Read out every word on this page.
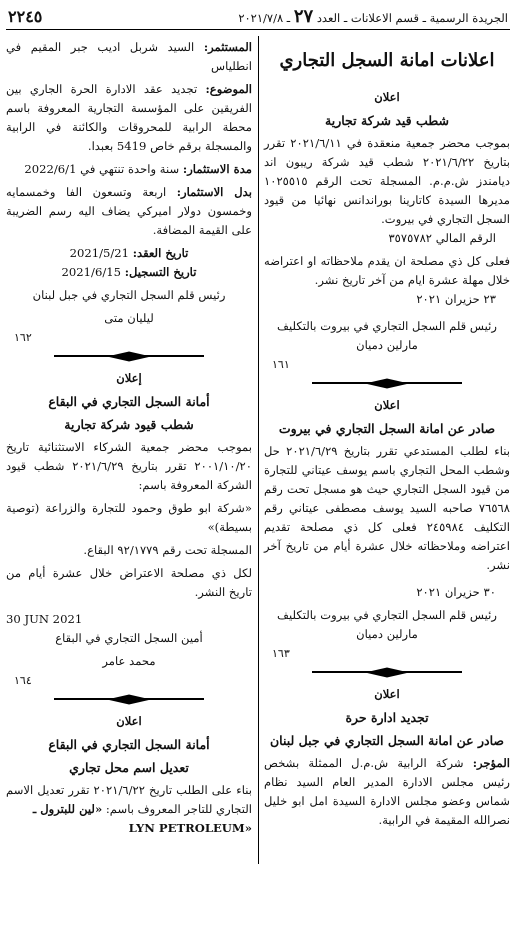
الجريدة الرسمية ـ قسم الاعلانات ـ العدد ٢٧ ـ ٢٠٢١/٧/٨
٢٢٤٥
اعلانات امانة السجل التجاري
اعلان
شطب قيد شركة تجارية
بموجب محضر جمعية منعقدة في ٢٠٢١/٦/١١ تقرر بتاريخ ٢٠٢١/٦/٢٢ شطب قيد شركة ريبون اند ديامندز ش.م.م. المسجلة تحت الرقم ١٠٢٥٥١٥ مديرها السيدة كاتارينا بوراندانس نهائيا من قيود السجل التجاري في بيروت.
الرقم المالي ٣٥٧٥٧٨٢
فعلى كل ذي مصلحة ان يقدم ملاحظاته او اعتراضه خلال مهلة عشرة ايام من آخر تاريخ نشر.
٢٣ حزيران ٢٠٢١
رئيس قلم السجل التجاري في بيروت بالتكليف
مارلين دميان
١٦١
اعلان
صادر عن امانة السجل التجاري في بيروت
بناء لطلب المستدعي تقرر بتاريخ ٢٠٢١/٦/٢٩ حل وشطب المحل التجاري باسم يوسف عيتاني للتجارة من قيود السجل التجاري حيث هو مسجل تحت رقم ٧٦٥٦٨ صاحبه السيد يوسف مصطفى عيتاني رقم التكليف ٢٤٥٩٨٤ فعلى كل ذي مصلحة تقديم اعتراضه وملاحظاته خلال عشرة أيام من تاريخ آخر نشر.
٣٠ حزيران ٢٠٢١
رئيس قلم السجل التجاري في بيروت بالتكليف
مارلين دميان
١٦٣
اعلان
تجديد ادارة حرة
صادر عن امانة السجل التجاري في جبل لبنان
المؤجر: شركة الرابية ش.م.ل الممثلة بشخص رئيس مجلس الادارة المدير العام السيد نظام شماس وعضو مجلس الادارة السيدة امل ابو خليل نصرالله المقيمة في الرابية.
المستثمر: السيد شربل اديب جبر المقيم في انطلياس
الموضوع: تجديد عقد الادارة الحرة الجاري بين الفريقين على المؤسسة التجارية المعروفة باسم محطة الرابية للمحروقات والكائنة في الرابية والمسجلة برقم خاص 5419 بعبدا.
مدة الاستثمار: سنة واحدة تنتهي في 2022/6/1
بدل الاستثمار: اربعة وتسعون الفا وخمسمايه وخمسون دولار اميركي يضاف اليه رسم الضريبة على القيمة المضافة.
تاريخ العقد: 2021/5/21
تاريخ التسجيل: 2021/6/15
رئيس قلم السجل التجاري في جبل لبنان
ليليان متى
١٦٢
إعلان
أمانة السجل التجاري في البقاع
شطب قيود شركة تجارية
بموجب محضر جمعية الشركاء الاستثنائية تاريخ ٢٠٠١/١٠/٢٠ تقرر بتاريخ ٢٠٢١/٦/٢٩ شطب قيود الشركة المعروفة باسم:
«شركة ابو طوق وحمود للتجارة والزراعة (توصية بسيطة)»
المسجلة تحت رقم ٩٢/١٧٧٩ البقاع.
لكل ذي مصلحة الاعتراض خلال عشرة أيام من تاريخ النشر.
30 JUN 2021
أمين السجل التجاري في البقاع
محمد عامر
١٦٤
اعلان
أمانة السجل التجاري في البقاع
تعديل اسم محل تجاري
بناء على الطلب تاريخ ٢٠٢١/٦/٢٢ تقرر تعديل الاسم التجاري للتاجر المعروف باسم: «لين للبترول ـ
LYN PETROLEUM»
